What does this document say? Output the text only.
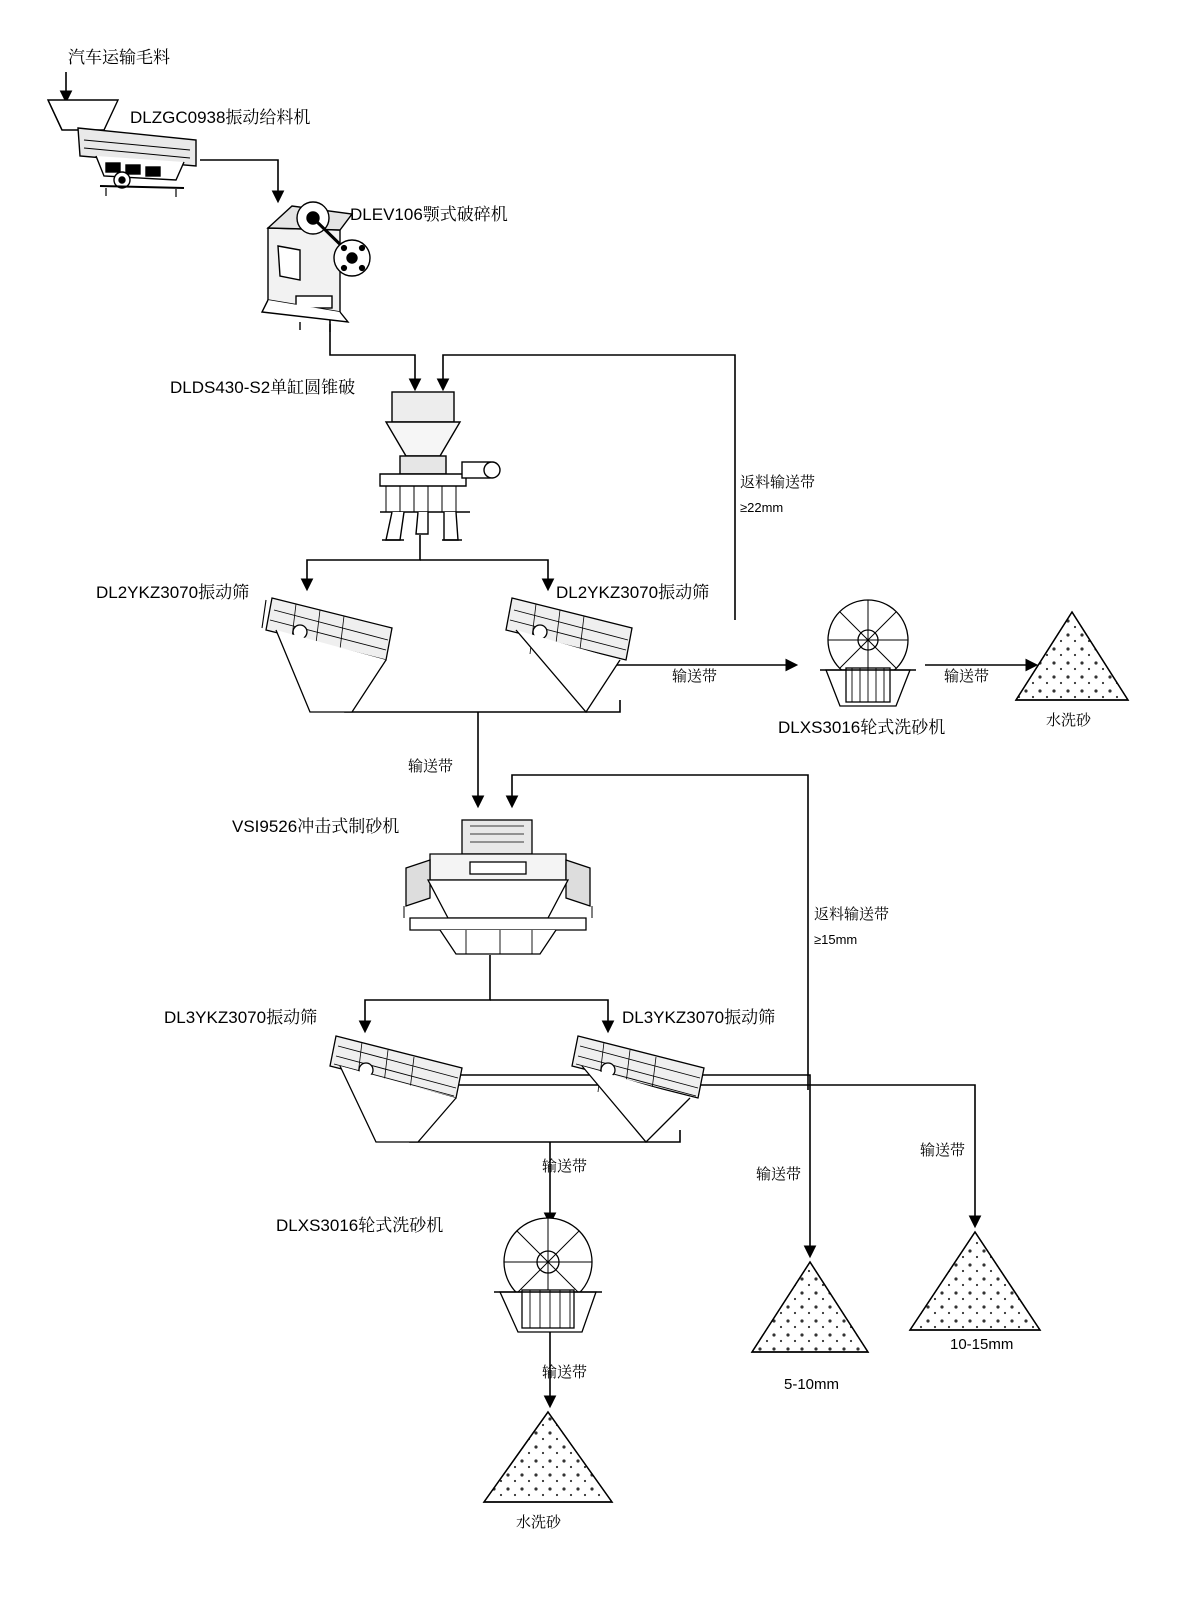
汽车运输毛料
DLZGC0938振动给料机
DLEV106颚式破碎机
DLDS430-S2单缸圆锥破
DL2YKZ3070振动筛	DL2YKZ3070振动筛
DLXS3016轮式洗砂机
VSI9526冲击式制砂机
DL3YKZ3070振动筛	DL3YKZ3070振动筛
DLXS3016轮式洗砂机
水洗砂
水洗砂
5-10mm
10-15mm
返料输送带
≥22mm
返料输送带
≥15mm
输送带	输送带
输送带
输送带
输送带
输送带
输送带
